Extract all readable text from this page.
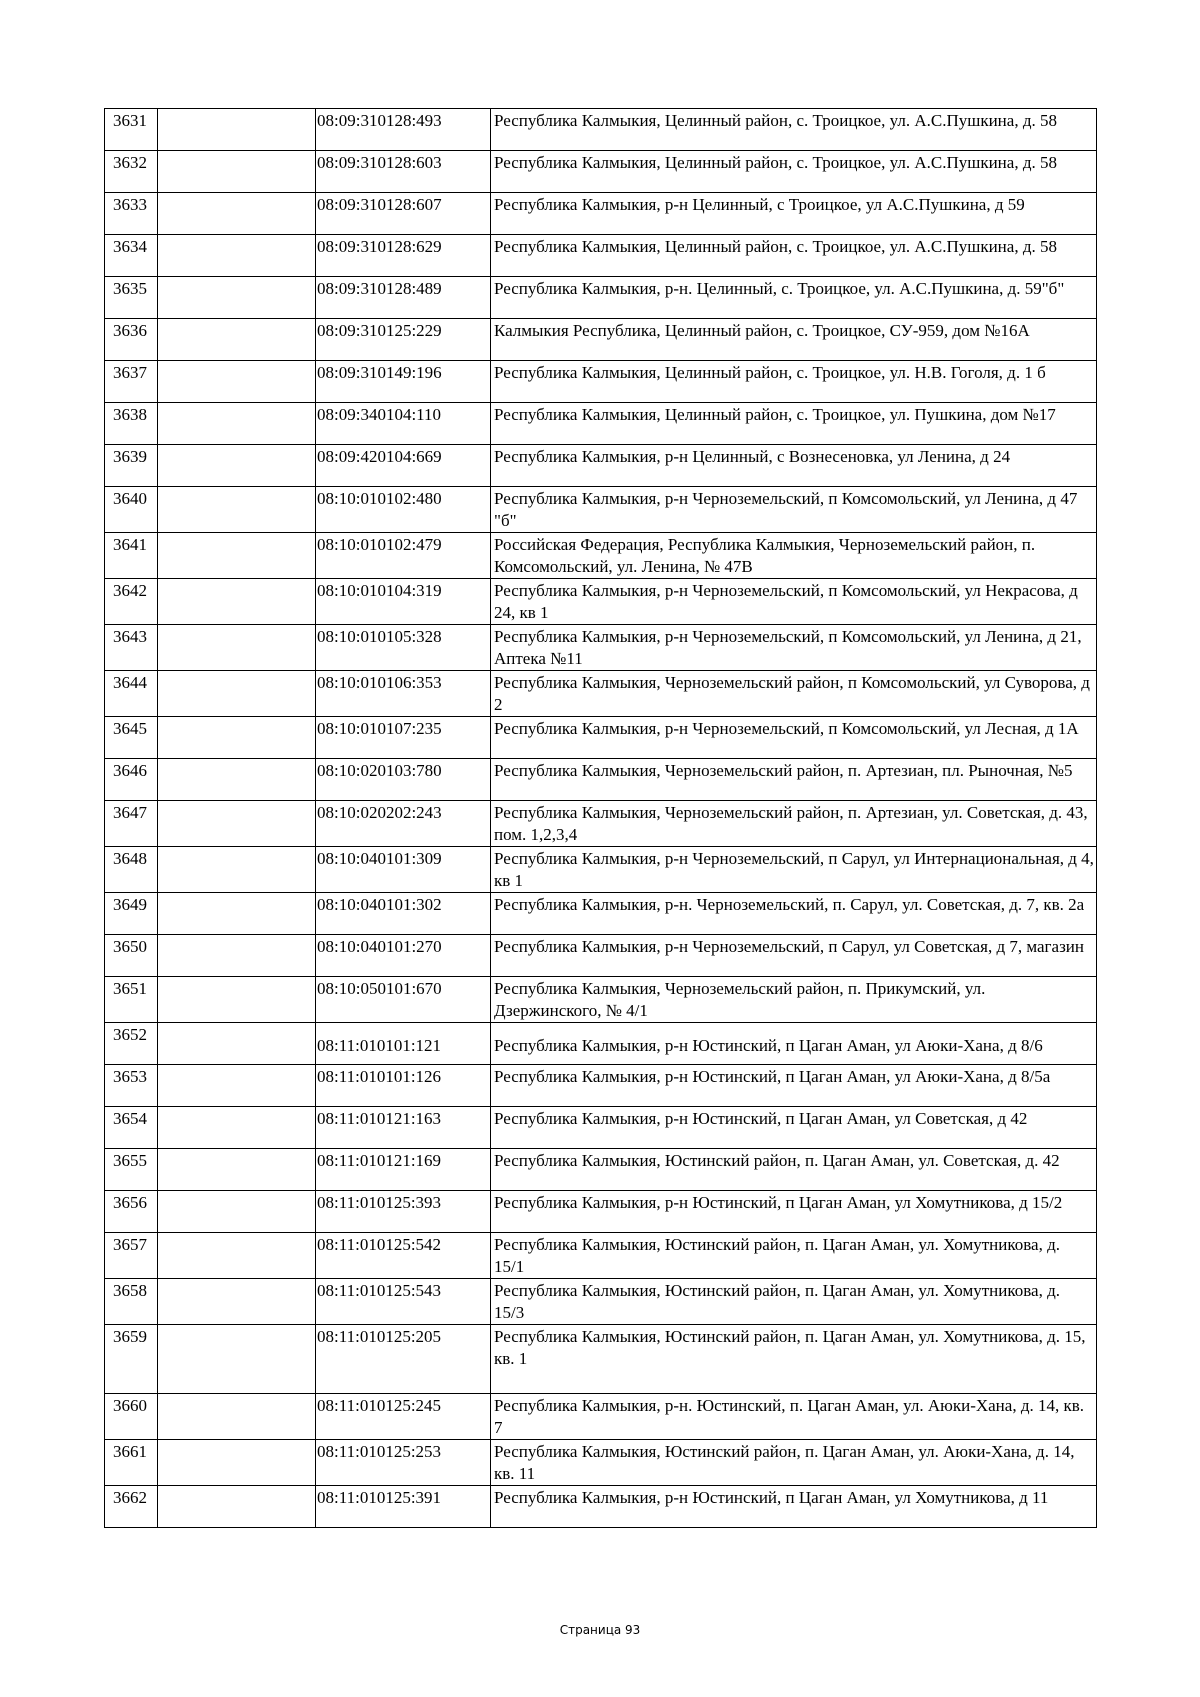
3631		08:09:310128:493	Республика Калмыкия, Целинный район, с. Троицкое, ул. А.С.Пушкина, д. 58
3632		08:09:310128:603	Республика Калмыкия, Целинный район, с. Троицкое, ул. А.С.Пушкина, д. 58
3633		08:09:310128:607	Республика Калмыкия, р-н Целинный, с Троицкое, ул А.С.Пушкина, д 59
3634		08:09:310128:629	Республика Калмыкия, Целинный район, с. Троицкое, ул. А.С.Пушкина, д. 58
3635		08:09:310128:489	Республика Калмыкия, р-н. Целинный, с. Троицкое, ул. А.С.Пушкина, д. 59"б"
3636		08:09:310125:229	Калмыкия Республика, Целинный район, с. Троицкое, СУ-959, дом №16А
3637		08:09:310149:196	Республика Калмыкия, Целинный район, с. Троицкое, ул. Н.В. Гоголя, д. 1 б
3638		08:09:340104:110	Республика Калмыкия, Целинный район, с. Троицкое, ул. Пушкина, дом №17
3639		08:09:420104:669	Республика Калмыкия, р-н Целинный, с Вознесеновка, ул Ленина, д 24
3640		08:10:010102:480	Республика Калмыкия, р-н Черноземельский, п Комсомольский, ул Ленина, д 47 "б"
3641		08:10:010102:479	Российская Федерация, Республика Калмыкия, Черноземельский район, п. Комсомольский, ул. Ленина, № 47В
3642		08:10:010104:319	Республика Калмыкия, р-н Черноземельский, п Комсомольский, ул Некрасова, д 24, кв 1
3643		08:10:010105:328	Республика Калмыкия, р-н Черноземельский, п Комсомольский, ул Ленина, д 21, Аптека №11
3644		08:10:010106:353	Республика Калмыкия, Черноземельский район, п Комсомольский, ул Суворова, д 2
3645		08:10:010107:235	Республика Калмыкия, р-н Черноземельский, п Комсомольский, ул Лесная, д 1А
3646		08:10:020103:780	Республика Калмыкия, Черноземельский район, п. Артезиан, пл. Рыночная, №5
3647		08:10:020202:243	Республика Калмыкия, Черноземельский район, п. Артезиан, ул. Советская, д. 43, пом. 1,2,3,4
3648		08:10:040101:309	Республика Калмыкия, р-н Черноземельский, п Сарул, ул Интернациональная, д 4, кв 1
3649		08:10:040101:302	Республика Калмыкия, р-н. Черноземельский, п. Сарул, ул. Советская, д. 7, кв. 2а
3650		08:10:040101:270	Республика Калмыкия, р-н Черноземельский, п Сарул, ул Советская, д 7, магазин
3651		08:10:050101:670	Республика Калмыкия, Черноземельский район, п. Прикумский, ул. Дзержинского, № 4/1
3652		08:11:010101:121	Республика Калмыкия, р-н Юстинский, п Цаган Аман, ул Аюки-Хана, д 8/6
3653		08:11:010101:126	Республика Калмыкия, р-н Юстинский, п Цаган Аман, ул Аюки-Хана, д 8/5а
3654		08:11:010121:163	Республика Калмыкия, р-н Юстинский, п Цаган Аман, ул Советская, д 42
3655		08:11:010121:169	Республика Калмыкия, Юстинский район, п. Цаган Аман, ул. Советская, д. 42
3656		08:11:010125:393	Республика Калмыкия, р-н Юстинский, п Цаган Аман, ул Хомутникова, д 15/2
3657		08:11:010125:542	Республика Калмыкия, Юстинский район, п. Цаган Аман, ул. Хомутникова, д. 15/1
3658		08:11:010125:543	Республика Калмыкия, Юстинский район, п. Цаган Аман, ул. Хомутникова, д. 15/3
3659		08:11:010125:205	Республика Калмыкия, Юстинский район, п. Цаган Аман, ул. Хомутникова, д. 15,
кв. 1
3660		08:11:010125:245	Республика Калмыкия, р-н. Юстинский, п. Цаган Аман, ул. Аюки-Хана, д. 14, кв. 7
3661		08:11:010125:253	Республика Калмыкия, Юстинский район, п. Цаган Аман, ул. Аюки-Хана, д. 14, кв. 11
3662		08:11:010125:391	Республика Калмыкия, р-н Юстинский, п Цаган Аман, ул Хомутникова, д 11
Страница 93
